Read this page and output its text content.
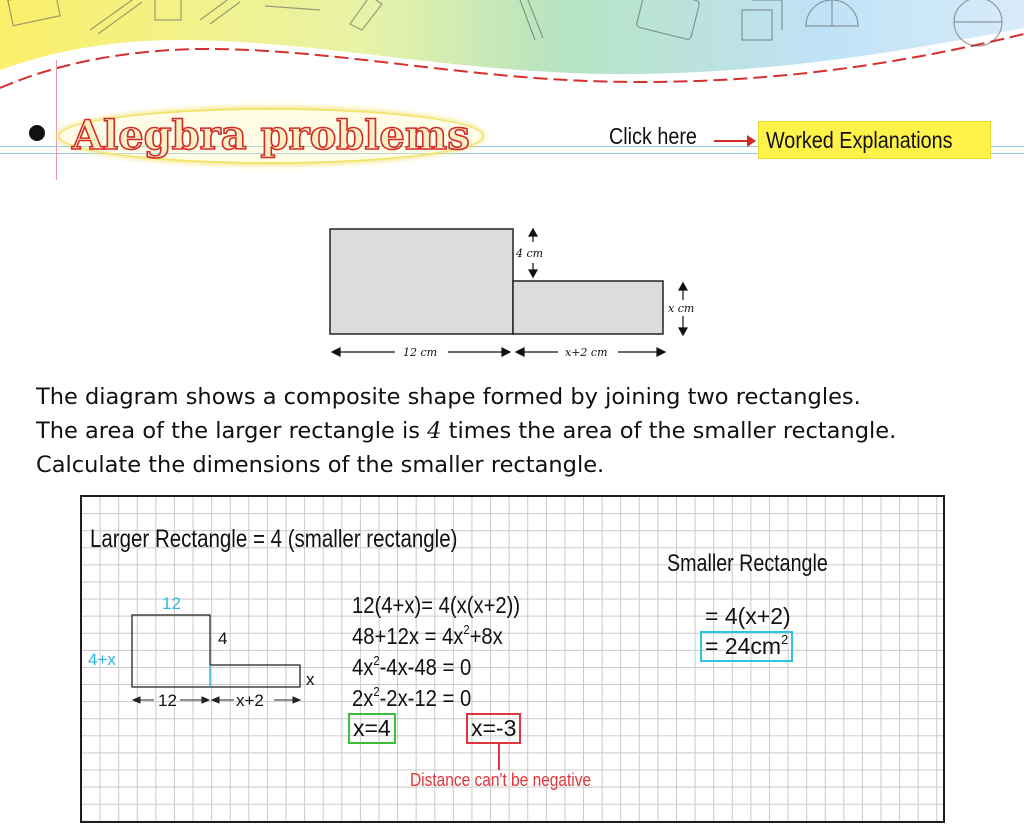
Alegbra problems	Click here	Worked Explanations
4 cm
x cm
12 cm	x+2 cm

The diagram shows a composite shape formed by joining two rectangles.

The area of the larger rectangle is 4 times the area of the smaller rectangle.

Calculate the dimensions of the smaller rectangle.

Larger Rectangle = 4 (smaller rectangle)
12
4+x
4
x
12	x+2
12(4+x)= 4(x(x+2))
$48+12x = 4x^2+8x$
$4x^2-4x-48 = 0$
$2x^2-2x-12 = 0$
x=4	x=-3
Distance can't be negative
Smaller Rectangle
= 4(x+2)
= $24cm^2$
